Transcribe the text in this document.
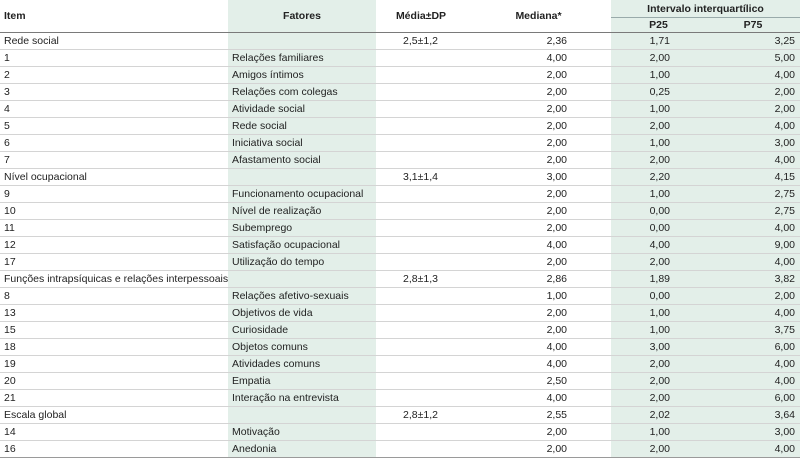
Item	Fatores	Média±DP	Mediana*	Intervalo interquartílico	
				P25	P75
Rede social		2,5±1,2	2,36	1,71	3,25
1	Relações familiares		4,00	2,00	5,00
2	Amigos íntimos		2,00	1,00	4,00
3	Relações com colegas		2,00	0,25	2,00
4	Atividade social		2,00	1,00	2,00
5	Rede social		2,00	2,00	4,00
6	Iniciativa social		2,00	1,00	3,00
7	Afastamento social		2,00	2,00	4,00
Nível ocupacional		3,1±1,4	3,00	2,20	4,15
9	Funcionamento ocupacional		2,00	1,00	2,75
10	Nível de realização		2,00	0,00	2,75
11	Subemprego		2,00	0,00	4,00
12	Satisfação ocupacional		4,00	4,00	9,00
17	Utilização do tempo		2,00	2,00	4,00
Funções intrapsíquicas e relações interpessoais		2,8±1,3	2,86	1,89	3,82
8	Relações afetivo-sexuais		1,00	0,00	2,00
13	Objetivos de vida		2,00	1,00	4,00
15	Curiosidade		2,00	1,00	3,75
18	Objetos comuns		4,00	3,00	6,00
19	Atividades comuns		4,00	2,00	4,00
20	Empatia		2,50	2,00	4,00
21	Interação na entrevista		4,00	2,00	6,00
Escala global		2,8±1,2	2,55	2,02	3,64
14	Motivação		2,00	1,00	3,00
16	Anedonia		2,00	2,00	4,00
